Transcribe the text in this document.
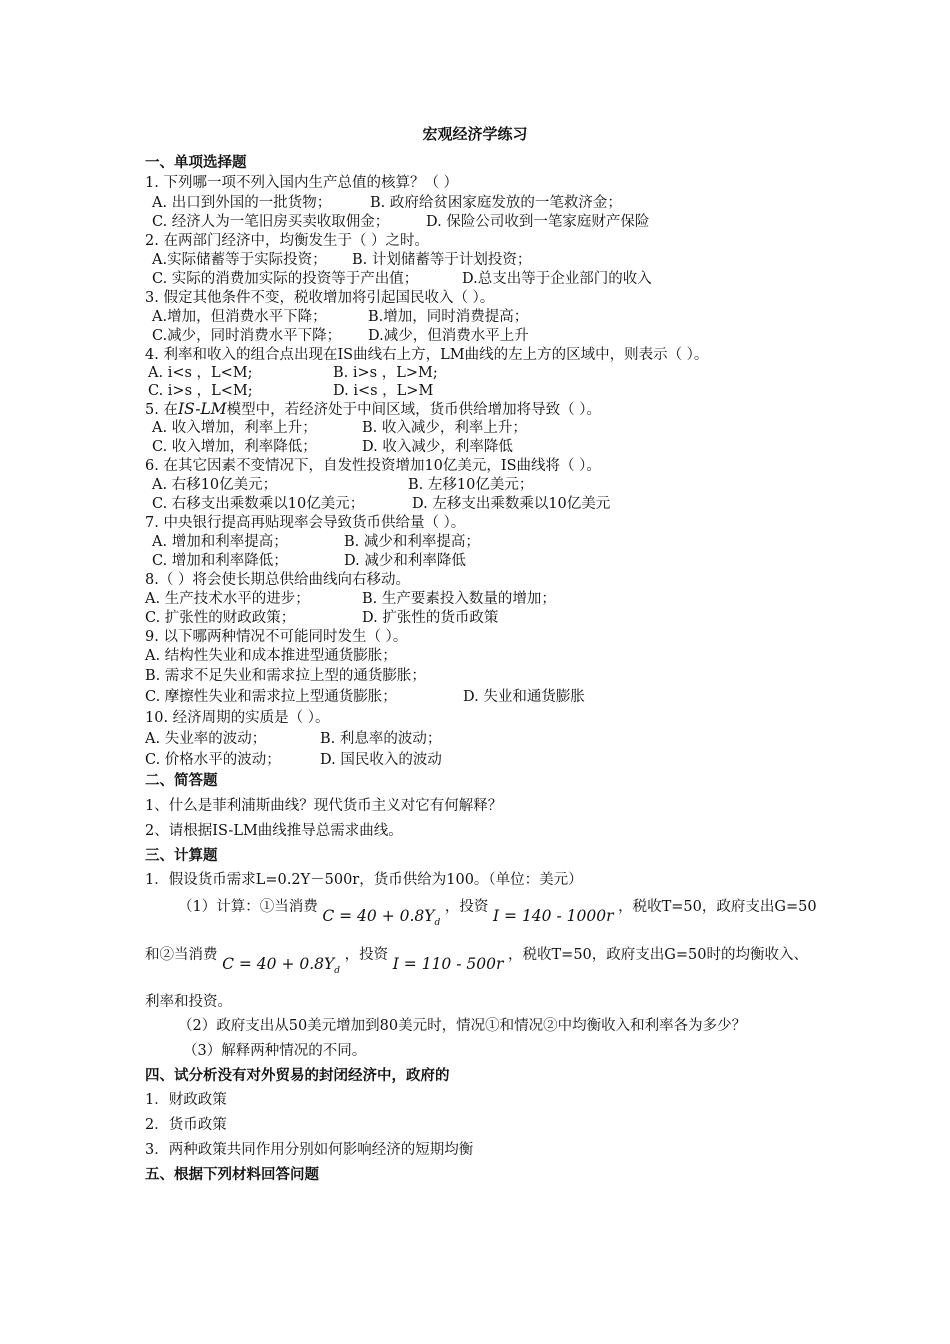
宏观经济学练习
一、单项选择题
1. 下列哪一项不列入国内生产总值的核算？（ ）
A. 出口到外国的一批货物；	B. 政府给贫困家庭发放的一笔救济金；
C. 经济人为一笔旧房买卖收取佣金；	D. 保险公司收到一笔家庭财产保险
2. 在两部门经济中，均衡发生于（ ）之时。
A.实际储蓄等于实际投资； B. 计划储蓄等于计划投资；
C. 实际的消费加实际的投资等于产出值；	D.总支出等于企业部门的收入
3. 假定其他条件不变，税收增加将引起国民收入（ ）。
A.增加，但消费水平下降；	B.增加，同时消费提高；
C.减少，同时消费水平下降； D.减少，但消费水平上升
4. 利率和收入的组合点出现在IS曲线右上方，LM曲线的左上方的区域中，则表示（ ）。
A. i<s ，L<M;	B. i>s ，L>M;
C. i>s ，L<M;	D. i<s ，L>M
5. 在IS-LM模型中，若经济处于中间区域，货币供给增加将导致（ ）。
A. 收入增加，利率上升；	B. 收入减少，利率上升；
C. 收入增加，利率降低；	D. 收入减少，利率降低
6. 在其它因素不变情况下，自发性投资增加10亿美元，IS曲线将（ ）。
A. 右移10亿美元；	B. 左移10亿美元；
C. 右移支出乘数乘以10亿美元；	D. 左移支出乘数乘以10亿美元
7. 中央银行提高再贴现率会导致货币供给量（ ）。
A. 增加和利率提高；	B. 减少和利率提高；
C. 增加和利率降低；	D. 减少和利率降低
8.（ ）将会使长期总供给曲线向右移动。
A. 生产技术水平的进步；	B. 生产要素投入数量的增加；
C. 扩张性的财政政策；	D. 扩张性的货币政策
9. 以下哪两种情况不可能同时发生（ ）。
A. 结构性失业和成本推进型通货膨胀；
B. 需求不足失业和需求拉上型的通货膨胀；
C. 摩擦性失业和需求拉上型通货膨胀；	D. 失业和通货膨胀
10. 经济周期的实质是（ ）。
A. 失业率的波动；	B. 利息率的波动；
C. 价格水平的波动；	D. 国民收入的波动
二、简答题
1、什么是菲利浦斯曲线？现代货币主义对它有何解释？
2、请根据IS-LM曲线推导总需求曲线。
三、计算题
1．假设货币需求L=0.2Y－500r，货币供给为100。（单位：美元）
（1）计算：①当消费 $C = 40 + 0.8Y_d$ ，投资 I = 140 - 1000r ，税收T=50，政府支出G=50
和②当消费 $C = 40 + 0.8Y_d$ ，投资 I = 110 - 500r ，税收T=50，政府支出G=50时的均衡收入、
利率和投资。
（2）政府支出从50美元增加到80美元时，情况①和情况②中均衡收入和利率各为多少？
（3）解释两种情况的不同。
四、试分析没有对外贸易的封闭经济中，政府的
1．财政政策
2．货币政策
3．两种政策共同作用分别如何影响经济的短期均衡
五、根据下列材料回答问题
